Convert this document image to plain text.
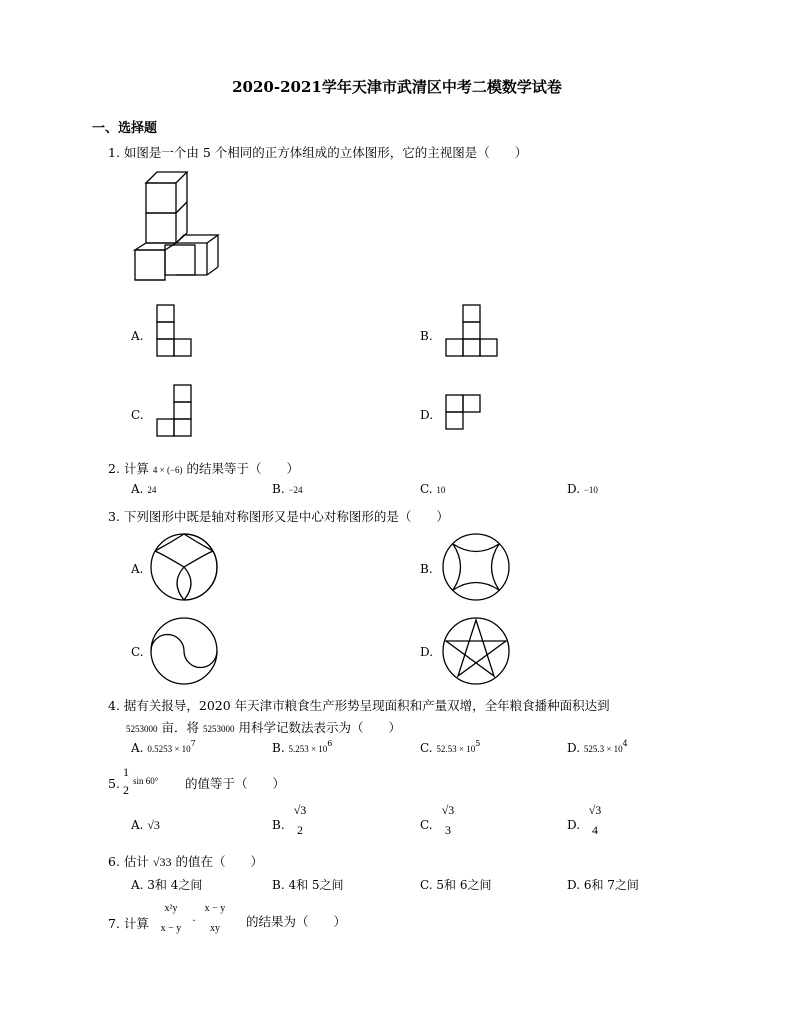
2020-2021学年天津市武清区中考二模数学试卷
一、选择题
1. 如图是一个由 5 个相同的正方体组成的立体图形，它的主视图是（　　）
A.	B.
C.	D.
2. 计算 4 × (−6) 的结果等于（　　）
A. 24	B. −24	C. 10	D. −10
3. 下列图形中既是轴对称图形又是中心对称图形的是（　　）
A.	B.
C.	D.
4. 据有关报导，2020 年天津市粮食生产形势呈现面积和产量双增，全年粮食播种面积达到
5253000 亩．将 5253000 用科学记数法表示为（　　）
A. $0.5253 \times 10^7$	B. $5.253 \times 10^6$	C. $52.53 \times 10^5$	D. $525.3 \times 10^4$
5.
1
2
sin 60° 的值等于（　　）
A. √3	B.
√3
2	C.
√3
3	D.
√3
4
6. 估计 √33 的值在（　　）
A. 3和 4之间	B. 4和 5之间	C. 5和 6之间	D. 6和 7之间
7. 计算
x²y
x − y
·
x − y
xy	的结果为（　　）
